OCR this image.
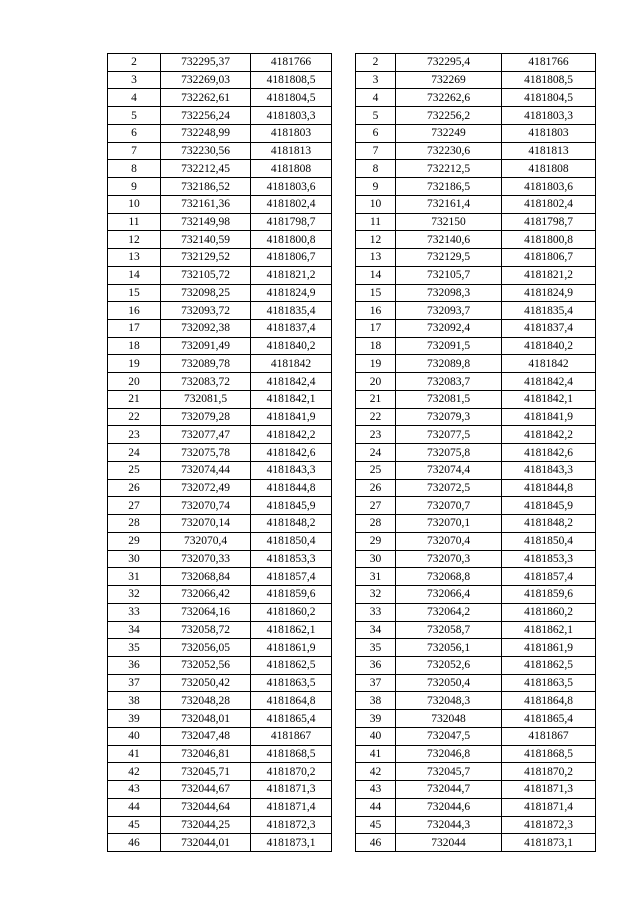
2	732295,37	4181766		2	732295,4	4181766
3	732269,03	4181808,5		3	732269	4181808,5
4	732262,61	4181804,5		4	732262,6	4181804,5
5	732256,24	4181803,3		5	732256,2	4181803,3
6	732248,99	4181803		6	732249	4181803
7	732230,56	4181813		7	732230,6	4181813
8	732212,45	4181808		8	732212,5	4181808
9	732186,52	4181803,6		9	732186,5	4181803,6
10	732161,36	4181802,4		10	732161,4	4181802,4
11	732149,98	4181798,7		11	732150	4181798,7
12	732140,59	4181800,8		12	732140,6	4181800,8
13	732129,52	4181806,7		13	732129,5	4181806,7
14	732105,72	4181821,2		14	732105,7	4181821,2
15	732098,25	4181824,9		15	732098,3	4181824,9
16	732093,72	4181835,4		16	732093,7	4181835,4
17	732092,38	4181837,4		17	732092,4	4181837,4
18	732091,49	4181840,2		18	732091,5	4181840,2
19	732089,78	4181842		19	732089,8	4181842
20	732083,72	4181842,4		20	732083,7	4181842,4
21	732081,5	4181842,1		21	732081,5	4181842,1
22	732079,28	4181841,9		22	732079,3	4181841,9
23	732077,47	4181842,2		23	732077,5	4181842,2
24	732075,78	4181842,6		24	732075,8	4181842,6
25	732074,44	4181843,3		25	732074,4	4181843,3
26	732072,49	4181844,8		26	732072,5	4181844,8
27	732070,74	4181845,9		27	732070,7	4181845,9
28	732070,14	4181848,2		28	732070,1	4181848,2
29	732070,4	4181850,4		29	732070,4	4181850,4
30	732070,33	4181853,3		30	732070,3	4181853,3
31	732068,84	4181857,4		31	732068,8	4181857,4
32	732066,42	4181859,6		32	732066,4	4181859,6
33	732064,16	4181860,2		33	732064,2	4181860,2
34	732058,72	4181862,1		34	732058,7	4181862,1
35	732056,05	4181861,9		35	732056,1	4181861,9
36	732052,56	4181862,5		36	732052,6	4181862,5
37	732050,42	4181863,5		37	732050,4	4181863,5
38	732048,28	4181864,8		38	732048,3	4181864,8
39	732048,01	4181865,4		39	732048	4181865,4
40	732047,48	4181867		40	732047,5	4181867
41	732046,81	4181868,5		41	732046,8	4181868,5
42	732045,71	4181870,2		42	732045,7	4181870,2
43	732044,67	4181871,3		43	732044,7	4181871,3
44	732044,64	4181871,4		44	732044,6	4181871,4
45	732044,25	4181872,3		45	732044,3	4181872,3
46	732044,01	4181873,1		46	732044	4181873,1
